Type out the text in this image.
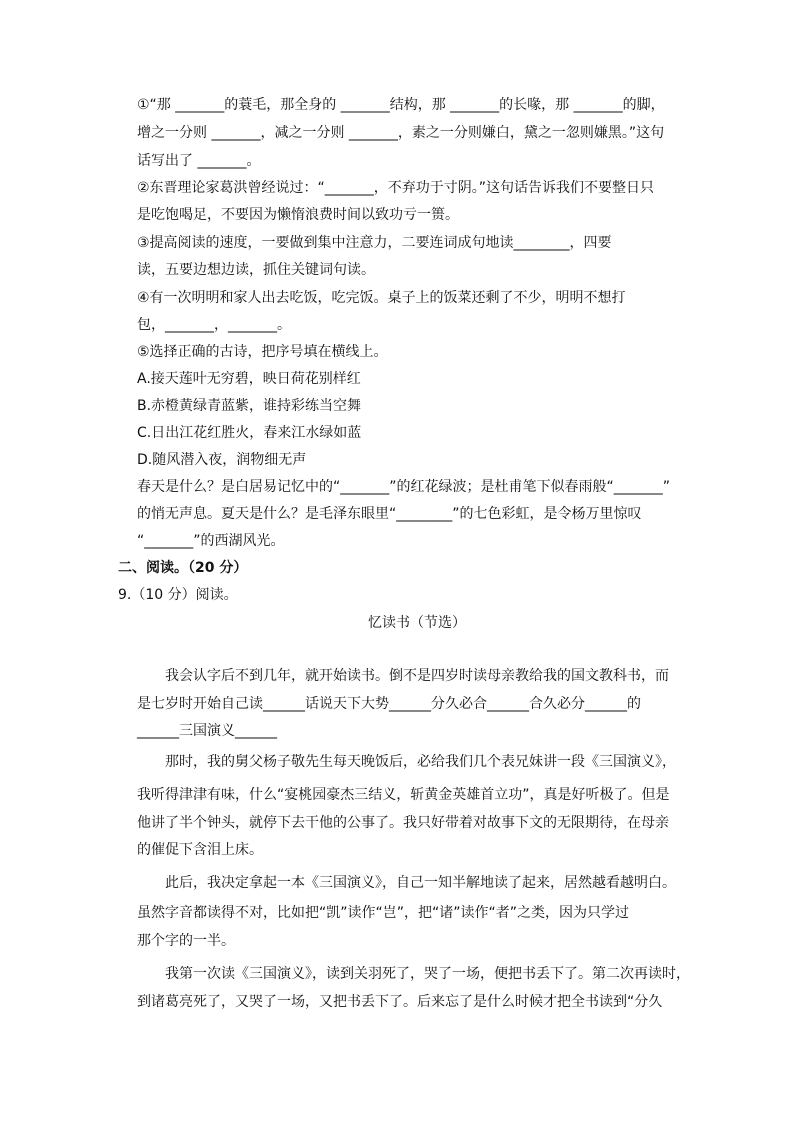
①“那 _______的蓑毛，那全身的 _______结构，那 _______的长喙，那 _______的脚，
增之一分则 _______，减之一分则 _______，素之一分则嫌白，黛之一忽则嫌黑。”这句
话写出了 _______。
②东晋理论家葛洪曾经说过：“_______，不弃功于寸阴。”这句话告诉我们不要整日只
是吃饱喝足，不要因为懒惰浪费时间以致功亏一篑。
③提高阅读的速度，一要做到集中注意力，二要连词成句地读________，四要
读，五要边想边读，抓住关键词句读。
④有一次明明和家人出去吃饭，吃完饭。桌子上的饭菜还剩了不少，明明不想打
包，_______，_______。
⑤选择正确的古诗，把序号填在横线上。
A.接天莲叶无穷碧，映日荷花别样红
B.赤橙黄绿青蓝紫，谁持彩练当空舞
C.日出江花红胜火，春来江水绿如蓝
D.随风潜入夜，润物细无声
春天是什么？是白居易记忆中的“_______”的红花绿波；是杜甫笔下似春雨般“_______”
的悄无声息。夏天是什么？是毛泽东眼里“________”的七色彩虹，是令杨万里惊叹
“_______”的西湖风光。
二、阅读。（20 分）
9.（10 分）阅读。
忆读书（节选）
我会认字后不到几年，就开始读书。倒不是四岁时读母亲教给我的国文教科书，而
是七岁时开始自己读______话说天下大势______分久必合______合久必分______的
______三国演义______
那时，我的舅父杨子敬先生每天晚饭后，必给我们几个表兄妹讲一段《三国演义》，
我听得津津有味，什么“宴桃园豪杰三结义，斩黄金英雄首立功”，真是好听极了。但是
他讲了半个钟头，就停下去干他的公事了。我只好带着对故事下文的无限期待，在母亲
的催促下含泪上床。
此后，我决定拿起一本《三国演义》，自己一知半解地读了起来，居然越看越明白。
虽然字音都读得不对，比如把“凯”读作“岂”，把“诸”读作“者”之类，因为只学过
那个字的一半。
我第一次读《三国演义》，读到关羽死了，哭了一场，便把书丢下了。第二次再读时，
到诸葛亮死了，又哭了一场，又把书丢下了。后来忘了是什么时候才把全书读到“分久
